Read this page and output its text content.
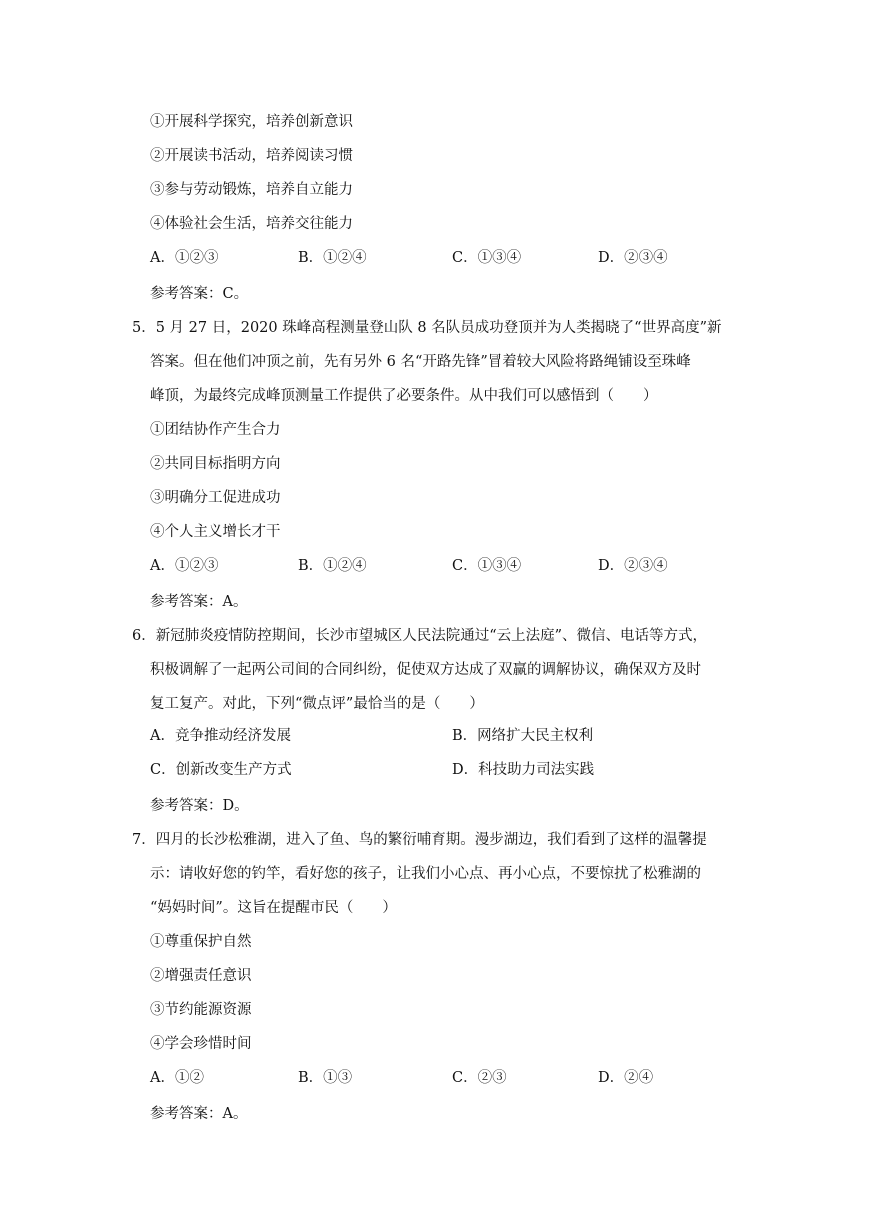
①开展科学探究，培养创新意识
②开展读书活动，培养阅读习惯
③参与劳动锻炼，培养自立能力
④体验社会生活，培养交往能力
A．①②③	B．①②④	C．①③④	D．②③④
参考答案：C。
5．5 月 27 日，2020 珠峰高程测量登山队 8 名队员成功登顶并为人类揭晓了“世界高度”新
答案。但在他们冲顶之前，先有另外 6 名“开路先锋”冒着较大风险将路绳铺设至珠峰
峰顶，为最终完成峰顶测量工作提供了必要条件。从中我们可以感悟到（　　）
①团结协作产生合力
②共同目标指明方向
③明确分工促进成功
④个人主义增长才干
A．①②③	B．①②④	C．①③④	D．②③④
参考答案：A。
6．新冠肺炎疫情防控期间，长沙市望城区人民法院通过“云上法庭”、微信、电话等方式，
积极调解了一起两公司间的合同纠纷，促使双方达成了双赢的调解协议，确保双方及时
复工复产。对此，下列“微点评”最恰当的是（　　）
A．竞争推动经济发展	B．网络扩大民主权利
C．创新改变生产方式	D．科技助力司法实践
参考答案：D。
7．四月的长沙松雅湖，进入了鱼、鸟的繁衍哺育期。漫步湖边，我们看到了这样的温馨提
示：请收好您的钓竿，看好您的孩子，让我们小心点、再小心点，不要惊扰了松雅湖的
“妈妈时间”。这旨在提醒市民（　　）
①尊重保护自然
②增强责任意识
③节约能源资源
④学会珍惜时间
A．①②	B．①③	C．②③	D．②④
参考答案：A。
